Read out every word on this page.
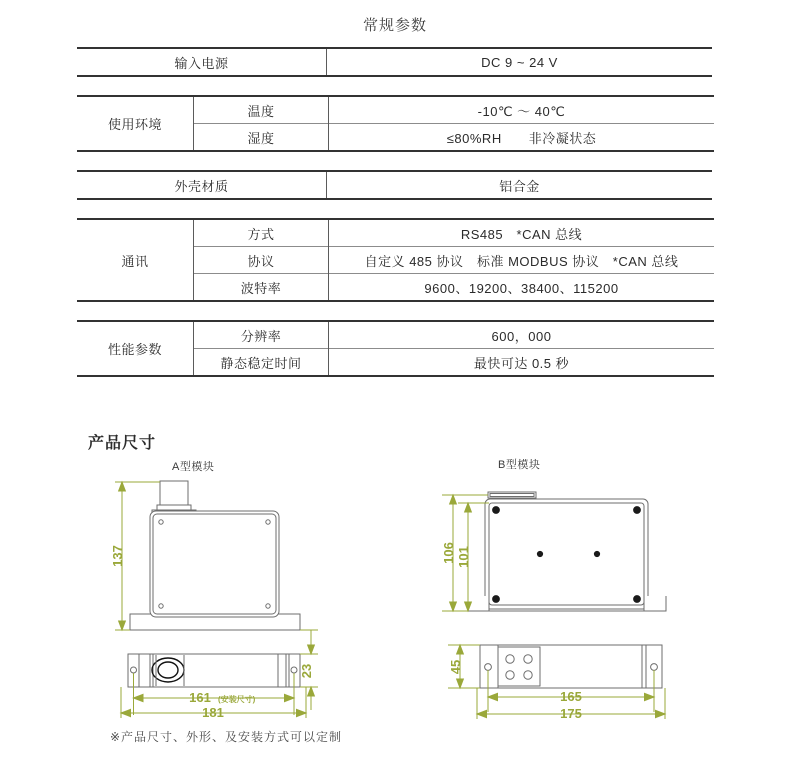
常规参数
输入电源	DC 9 ~ 24 V
使用环境	温度	-10℃ ～ 40℃
	湿度	≤80%RH　　非冷凝状态
外壳材质	铝合金
通讯	方式	RS485　*CAN 总线
	协议	自定义 485 协议　标准 MODBUS 协议　*CAN 总线
	波特率	9600、19200、38400、115200
性能参数	分辨率	600，000
	静态稳定时间	最快可达 0.5 秒
产品尺寸
A型模块	B型模块
137
23
161 (安装尺寸)
181
106 101
45
165
175
※产品尺寸、外形、及安装方式可以定制
